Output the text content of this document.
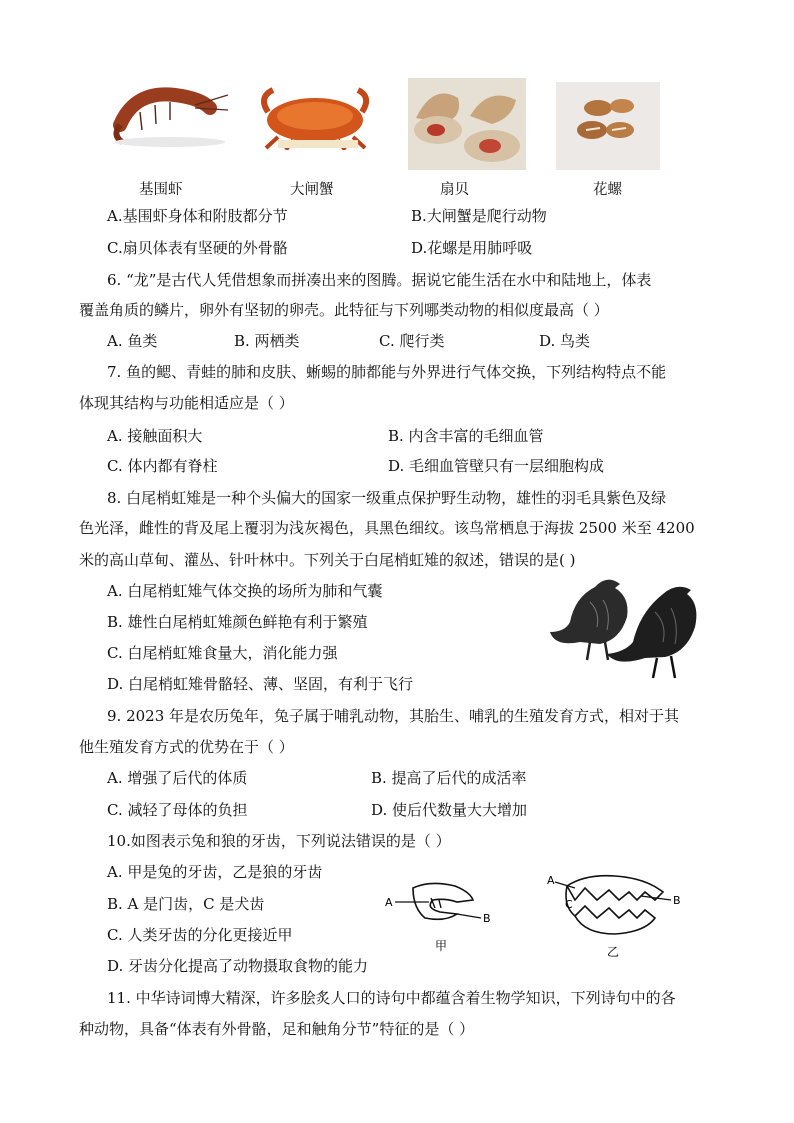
基围虾	大闸蟹	扇贝	花螺
A.基围虾身体和附肢都分节	B.大闸蟹是爬行动物
C.扇贝体表有坚硬的外骨骼	D.花螺是用肺呼吸
6. “龙”是古代人凭借想象而拼凑出来的图腾。据说它能生活在水中和陆地上，体表
覆盖角质的鳞片，卵外有坚韧的卵壳。此特征与下列哪类动物的相似度最高（ ）
A. 鱼类	B. 两栖类	C. 爬行类	D. 鸟类
7. 鱼的鳃、青蛙的肺和皮肤、蜥蜴的肺都能与外界进行气体交换，下列结构特点不能
体现其结构与功能相适应是（ ）
A. 接触面积大	B. 内含丰富的毛细血管
C. 体内都有脊柱	D. 毛细血管壁只有一层细胞构成
8. 白尾梢虹雉是一种个头偏大的国家一级重点保护野生动物，雄性的羽毛具紫色及绿
色光泽，雌性的背及尾上覆羽为浅灰褐色，具黑色细纹。该鸟常栖息于海拔 2500 米至 4200
米的高山草甸、灌丛、针叶林中。下列关于白尾梢虹雉的叙述，错误的是( )
A. 白尾梢虹雉气体交换的场所为肺和气囊
B. 雄性白尾梢虹雉颜色鲜艳有利于繁殖
C. 白尾梢虹雉食量大，消化能力强
D. 白尾梢虹雉骨骼轻、薄、坚固，有利于飞行
9. 2023 年是农历兔年，兔子属于哺乳动物，其胎生、哺乳的生殖发育方式，相对于其
他生殖发育方式的优势在于（ ）
A. 增强了后代的体质	B. 提高了后代的成活率
C. 减轻了母体的负担	D. 使后代数量大大增加
10.如图表示兔和狼的牙齿，下列说法错误的是（ ）
A. 甲是兔的牙齿，乙是狼的牙齿
B. A 是门齿，C 是犬齿
C. 人类牙齿的分化更接近甲
D. 牙齿分化提高了动物摄取食物的能力
A
B
甲
A
C	B
乙
11. 中华诗词博大精深，许多脍炙人口的诗句中都蕴含着生物学知识，下列诗句中的各
种动物，具备“体表有外骨骼，足和触角分节”特征的是（ ）
